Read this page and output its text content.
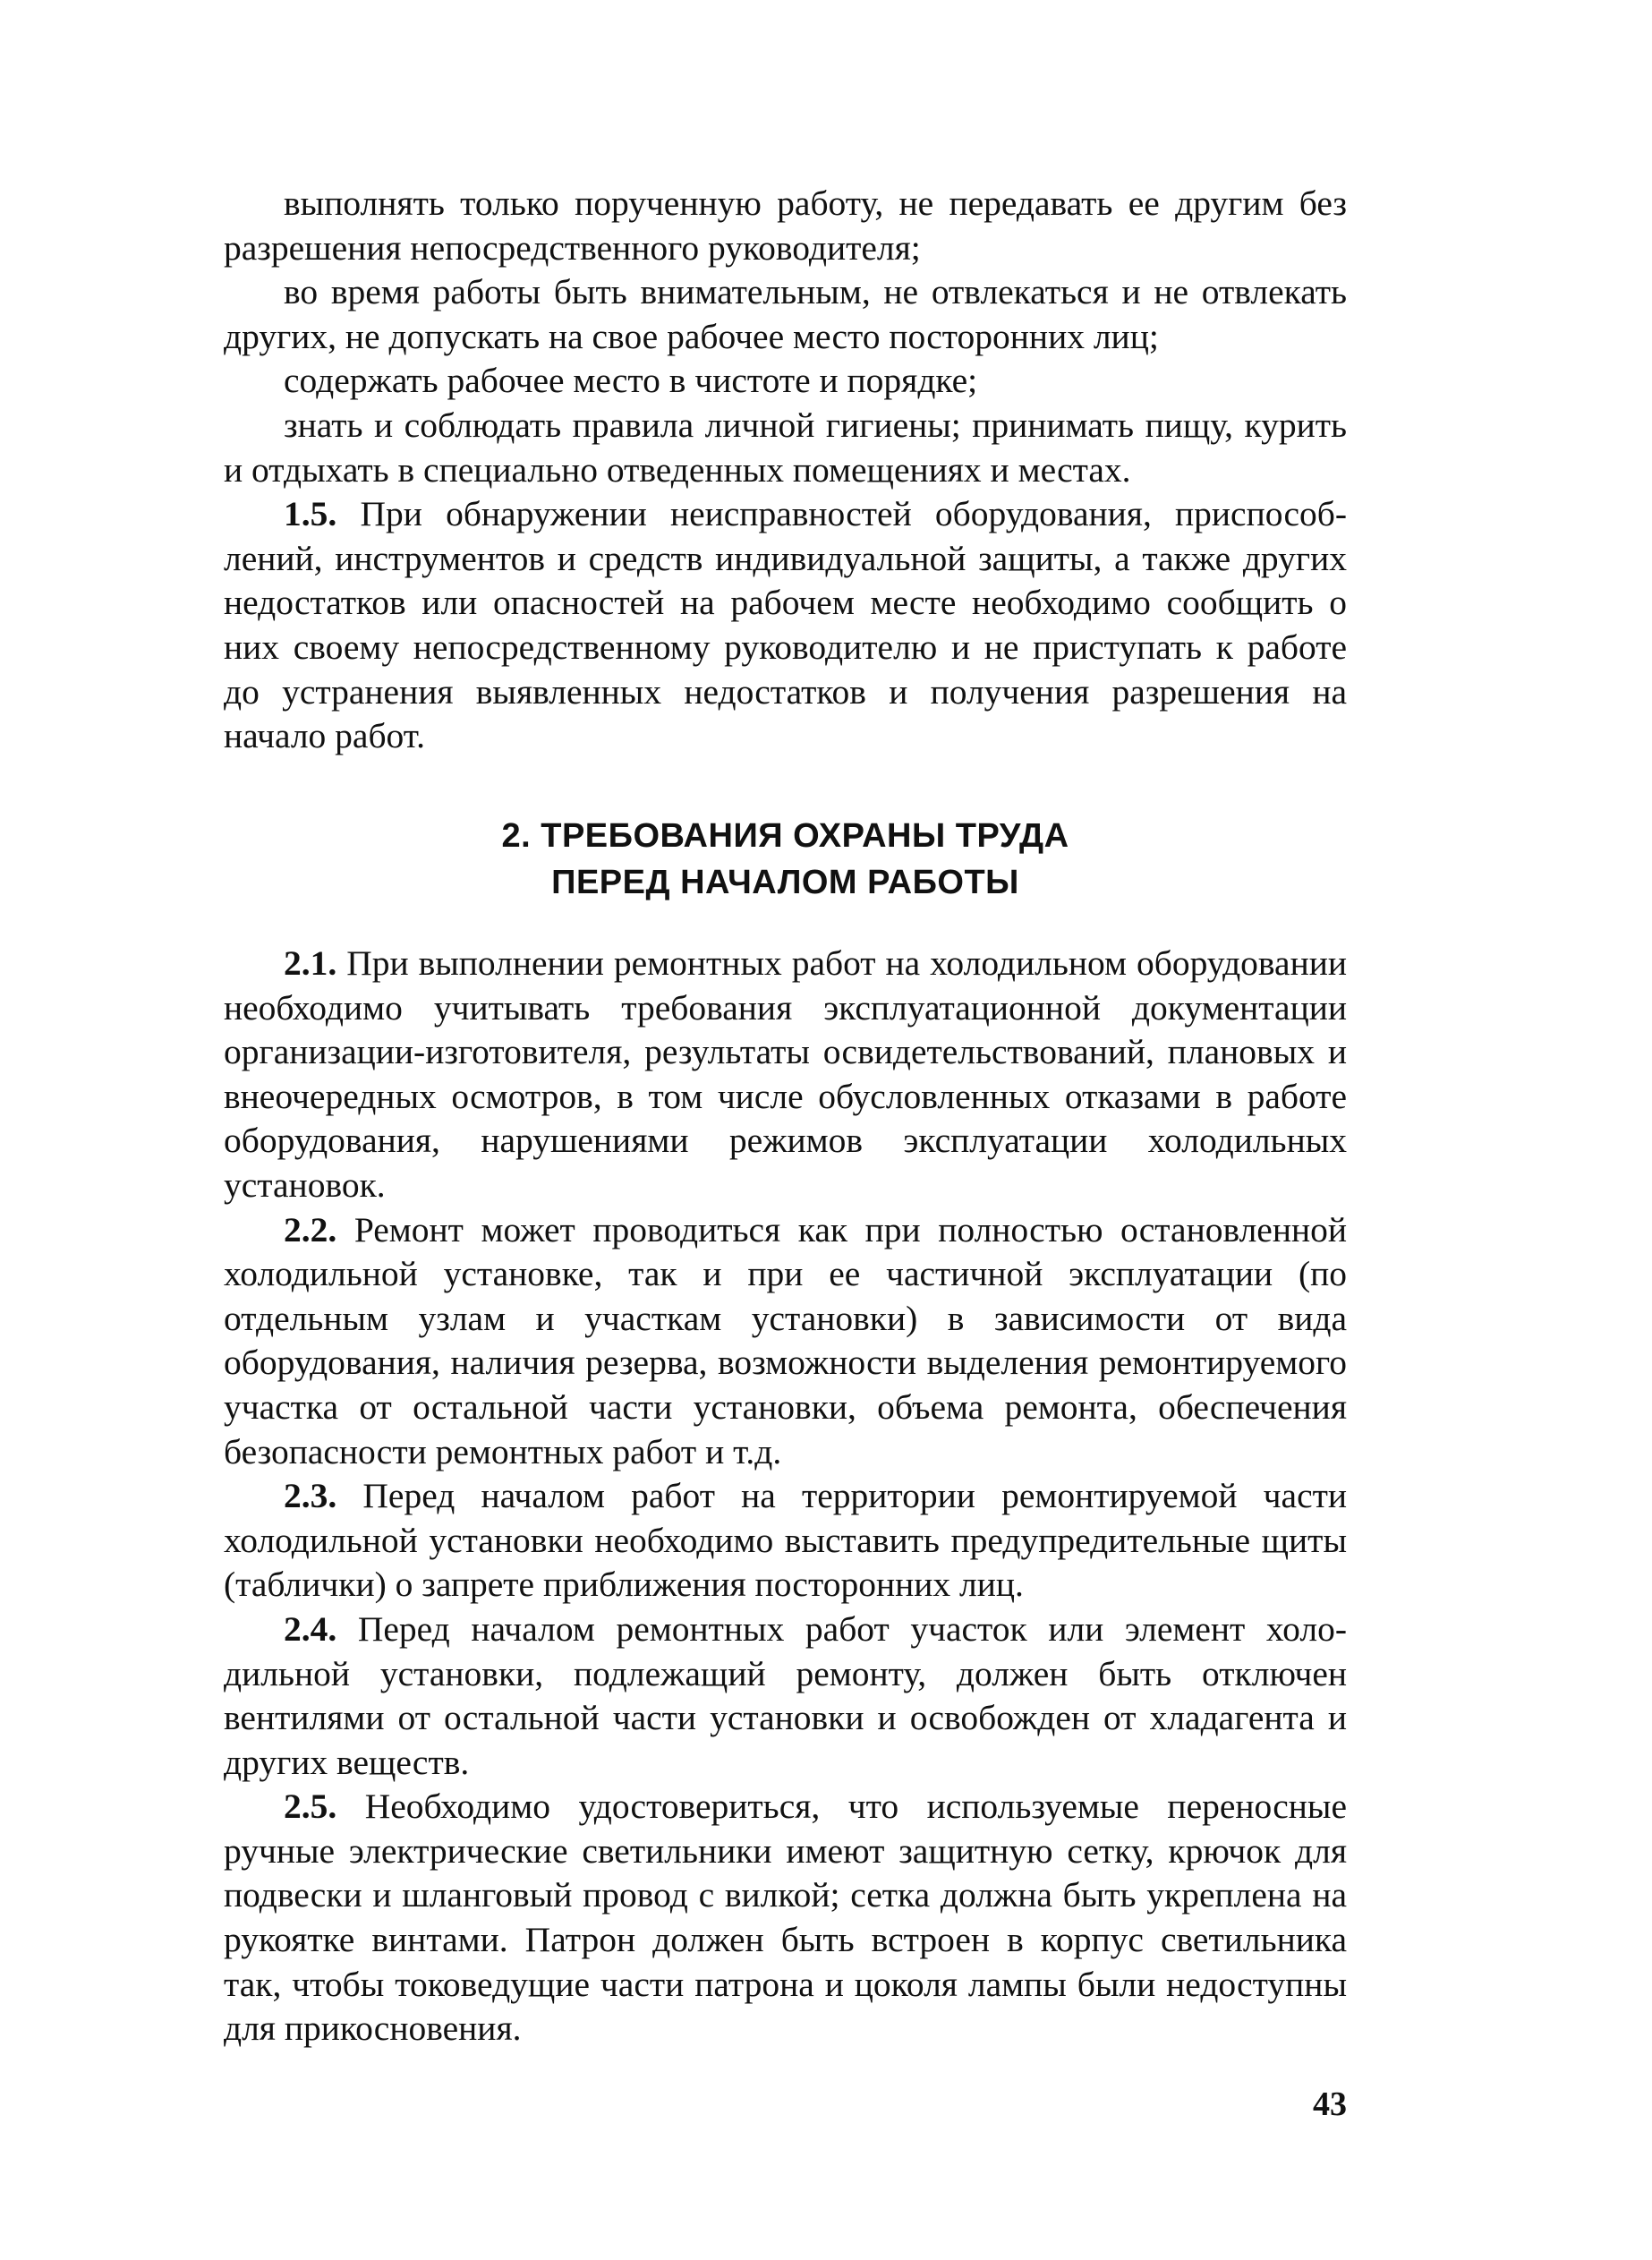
выполнять только порученную работу, не передавать ее другим без разрешения непосредственного руководителя;

во время работы быть внимательным, не отвлекаться и не отвлекать других, не допускать на свое рабочее место посторонних лиц;

содержать рабочее место в чистоте и порядке;

знать и соблюдать правила личной гигиены; принимать пищу, курить и отдыхать в специально отведенных помещениях и местах.

1.5. При обнаружении неисправностей оборудования, приспособлений, инструментов и средств индивидуальной защиты, а также других недостатков или опасностей на рабочем месте необходимо сообщить о них своему непосредственному руководителю и не приступать к работе до устранения выявленных недостатков и получения разрешения на начало работ.

2. ТРЕБОВАНИЯ ОХРАНЫ ТРУДА
ПЕРЕД НАЧАЛОМ РАБОТЫ

2.1. При выполнении ремонтных работ на холодильном оборудовании необходимо учитывать требования эксплуатационной документации организации-изготовителя, результаты освидетельствований, плановых и внеочередных осмотров, в том числе обусловленных отказами в работе оборудования, нарушениями режимов эксплуатации холодильных установок.

2.2. Ремонт может проводиться как при полностью остановленной холодильной установке, так и при ее частичной эксплуатации (по отдельным узлам и участкам установки) в зависимости от вида оборудования, наличия резерва, возможности выделения ремонтируемого участка от остальной части установки, объема ремонта, обеспечения безопасности ремонтных работ и т.д.

2.3. Перед началом работ на территории ремонтируемой части холодильной установки необходимо выставить предупредительные щиты (таблички) о запрете приближения посторонних лиц.

2.4. Перед началом ремонтных работ участок или элемент холодильной установки, подлежащий ремонту, должен быть отключен вентилями от остальной части установки и освобожден от хладагента и других веществ.

2.5. Необходимо удостовериться, что используемые переносные ручные электрические светильники имеют защитную сетку, крючок для подвески и шланговый провод с вилкой; сетка должна быть укреплена на рукоятке винтами. Патрон должен быть встроен в корпус светильника так, чтобы токоведущие части патрона и цоколя лампы были недоступны для прикосновения.

43
